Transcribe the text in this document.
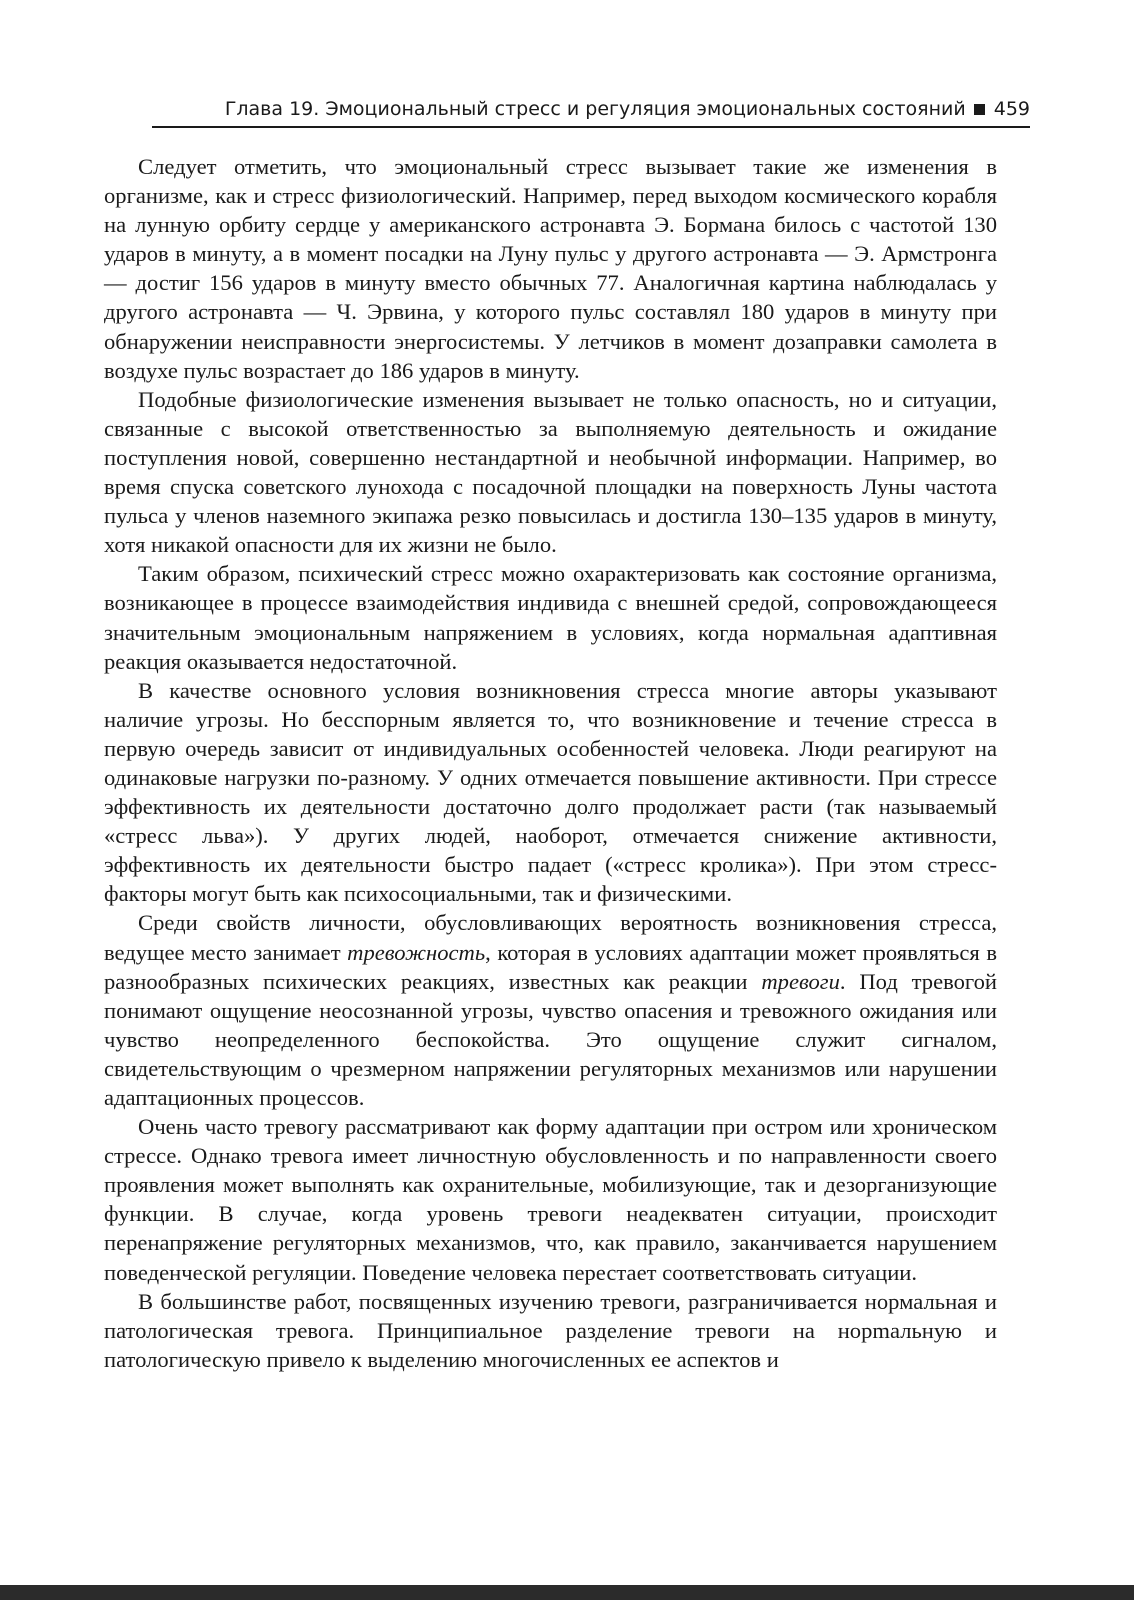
Глава 19. Эмоциональный стресс и регуляция эмоциональных состояний 459

Следует отметить, что эмоциональный стресс вызывает такие же изменения в организме, как и стресс физиологический. Например, перед выходом космического корабля на лунную орбиту сердце у американского астронавта Э. Бормана билось с частотой 130 ударов в минуту, а в момент посадки на Луну пульс у другого астронавта — Э. Армстронга — достиг 156 ударов в минуту вместо обычных 77. Аналогичная картина наблюдалась у другого астронавта — Ч. Эрвина, у которого пульс составлял 180 ударов в минуту при обнаружении неисправности энергосистемы. У летчиков в момент дозаправки самолета в воздухе пульс возрастает до 186 ударов в минуту.

Подобные физиологические изменения вызывает не только опасность, но и ситуации, связанные с высокой ответственностью за выполняемую деятельность и ожидание поступления новой, совершенно нестандартной и необычной информации. Например, во время спуска советского лунохода с посадочной площадки на поверхность Луны частота пульса у членов наземного экипажа резко повысилась и достигла 130–135 ударов в минуту, хотя никакой опасности для их жизни не было.

Таким образом, психический стресс можно охарактеризовать как состояние организма, возникающее в процессе взаимодействия индивида с внешней средой, сопровождающееся значительным эмоциональным напряжением в условиях, когда нормальная адаптивная реакция оказывается недостаточной.

В качестве основного условия возникновения стресса многие авторы указывают наличие угрозы. Но бесспорным является то, что возникновение и течение стресса в первую очередь зависит от индивидуальных особенностей человека. Люди реагируют на одинаковые нагрузки по-разному. У одних отмечается повышение активности. При стрессе эффективность их деятельности достаточно долго продолжает расти (так называемый «стресс льва»). У других людей, наоборот, отмечается снижение активности, эффективность их деятельности быстро падает («стресс кролика»). При этом стресс-факторы могут быть как психосоциальными, так и физическими.

Среди свойств личности, обусловливающих вероятность возникновения стресса, ведущее место занимает тревожность, которая в условиях адаптации может проявляться в разнообразных психических реакциях, известных как реакции тревоги. Под тревогой понимают ощущение неосознанной угрозы, чувство опасения и тревожного ожидания или чувство неопределенного беспокойства. Это ощущение служит сигналом, свидетельствующим о чрезмерном напряжении регуляторных механизмов или нарушении адаптационных процессов.

Очень часто тревогу рассматривают как форму адаптации при остром или хроническом стрессе. Однако тревога имеет личностную обусловленность и по направленности своего проявления может выполнять как охранительные, мобилизующие, так и дезорганизующие функции. В случае, когда уровень тревоги неадекватен ситуации, происходит перенапряжение регуляторных механизмов, что, как правило, заканчивается нарушением поведенческой регуляции. Поведение человека перестает соответствовать ситуации.

В большинстве работ, посвященных изучению тревоги, разграничивается нормальная и патологическая тревога. Принципиальное разделение тревоги на норmальную и патологическую привело к выделению многочисленных ее аспектов и
